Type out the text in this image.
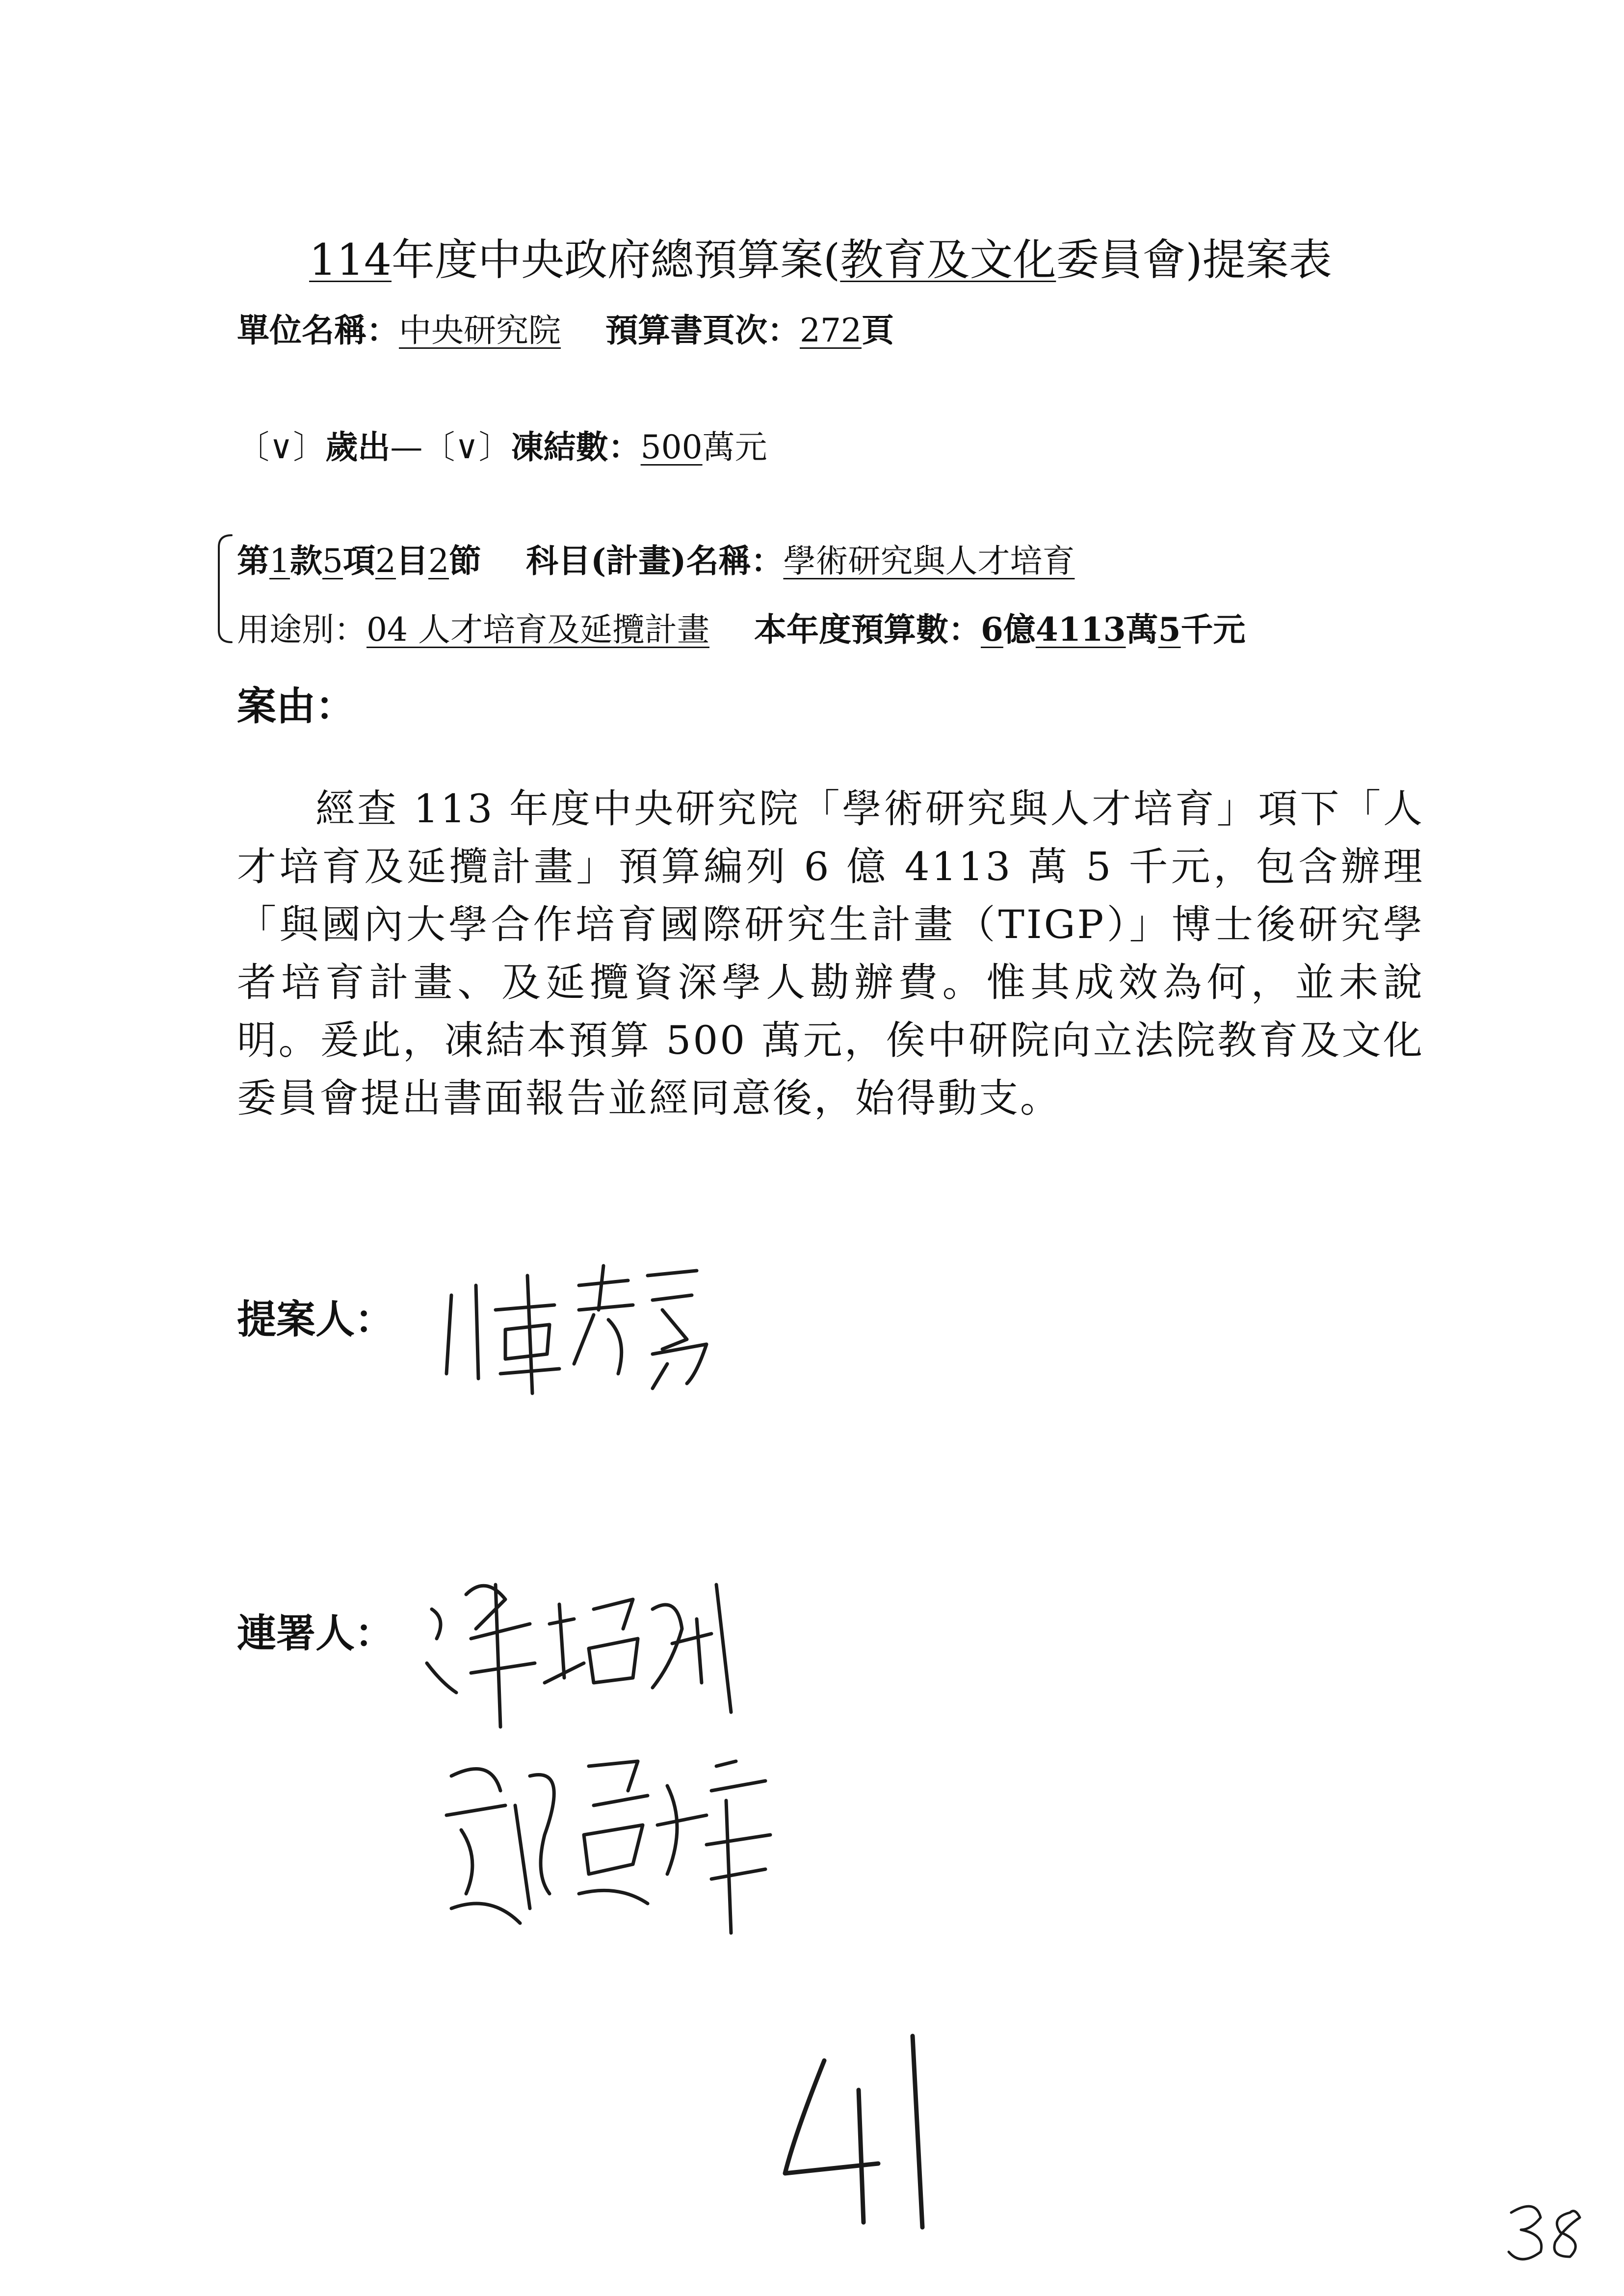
114年度中央政府總預算案(教育及文化委員會)提案表
單位名稱：中央研究院 預算書頁次：272頁
〔∨〕歲出—〔∨〕凍結數：500萬元
第1款5項2目2節 科目(計畫)名稱：學術研究與人才培育
用途別：04 人才培育及延攬計畫 本年度預算數：6億4113萬5千元
案由：
經查 113 年度中央研究院「學術研究與人才培育」項下「人才培育及延攬計畫」預算編列 6 億 4113 萬 5 千元，包含辦理「與國內大學合作培育國際研究生計畫（TIGP）」博士後研究學者培育計畫、及延攬資深學人勘辦費。惟其成效為何，並未說明。爰此，凍結本預算 500 萬元，俟中研院向立法院教育及文化委員會提出書面報告並經同意後，始得動支。
提案人：
連署人：
